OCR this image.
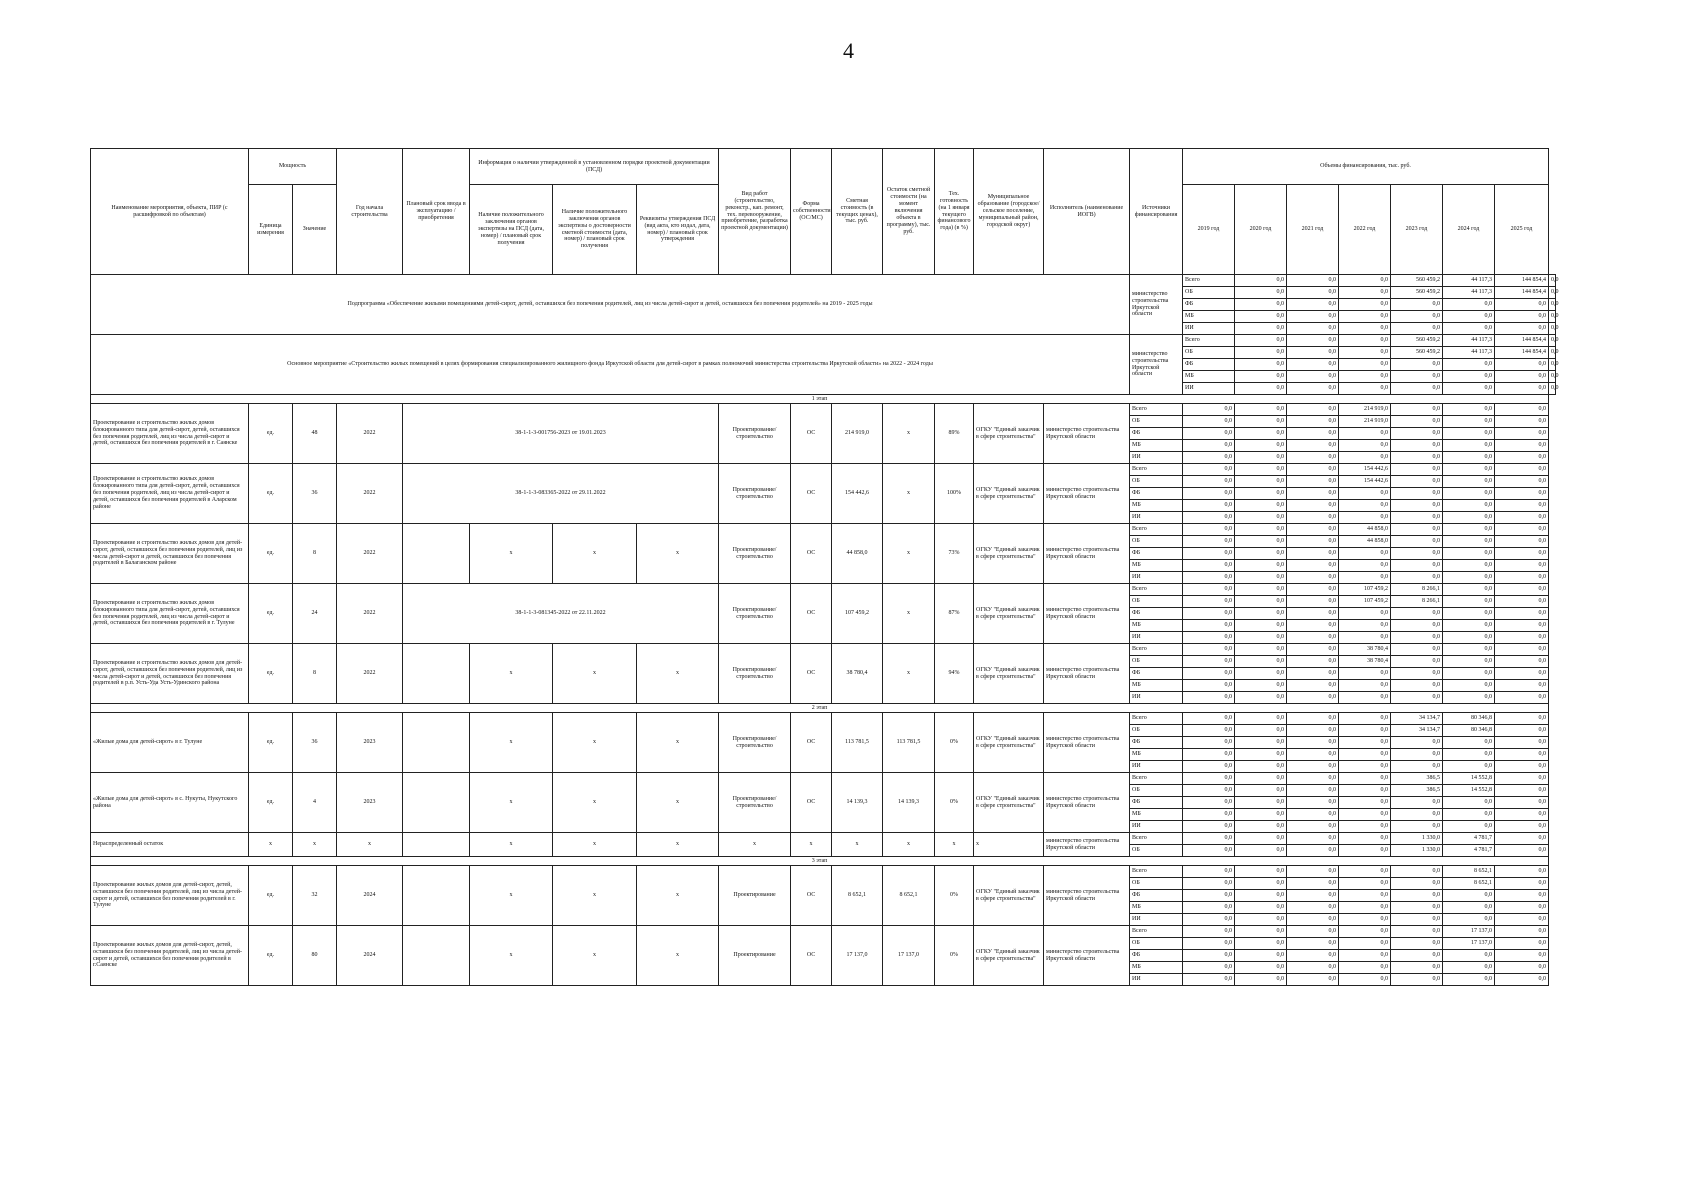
4
Наименование мероприятия, объекта, ПИР (с расшифровкой по объектам)	Мощность		Год начала строительства	Плановый срок ввода в эксплуатацию / приобретения	Информация о наличии утвержденной в установленном порядке проектной документации (ПСД)			Вид работ (строительство, реконстр., кап. ремонт, тех. перевооружение, приобретение, разработка проектной документации)	Форма собственности (ОС/МС)	Сметная стоимость (в текущих ценах), тыс. руб.	Остаток сметной стоимости (на момент включения объекта в программу), тыс. руб.	Тех. готовность (на 1 января текущего финансового года) (в %)	Муниципальное образование (городское/сельское поселение, муниципальный район, городской округ)	Исполнитель (наименование ИОГВ)	Источники финансирования	Объемы финансирования, тыс. руб.							
	Единица измерения	Значение			Наличие положительного заключения органов экспертизы на ПСД (дата, номер) / плановый срок получения	Наличие положительного заключения органов экспертизы о достоверности сметной стоимости (дата, номер) / плановый срок получения	Реквизиты утверждения ПСД (вид акта, кто издал, дата, номер) / плановый срок утверждения									2019 год	2020 год	2021 год	2022 год	2023 год	2024 год	2025 год	

Подпрограмма «Обеспечение жилыми помещениями детей-сирот, детей, оставшихся без попечения родителей, лиц из числа детей-сирот и детей, оставшихся без попечения родителей» на 2019 - 2025 годы															министерство строительства Иркутской области	Всего	0,0	0,0	0,0	560 459,2	44 117,3	144 854,4	0,0
																ОБ	0,0	0,0	0,0	560 459,2	44 117,3	144 854,4	0,0
																ФБ	0,0	0,0	0,0	0,0	0,0	0,0	0,0
																МБ	0,0	0,0	0,0	0,0	0,0	0,0	0,0
																ИИ	0,0	0,0	0,0	0,0	0,0	0,0	0,0
Основное мероприятие «Строительство жилых помещений в целях формирования специализированного жилищного фонда Иркутской области для детей-сирот в рамках полномочий министерства строительства Иркутской области» на 2022 - 2024 годы															министерство строительства Иркутской области	Всего	0,0	0,0	0,0	560 459,2	44 117,3	144 854,4	0,0
																ОБ	0,0	0,0	0,0	560 459,2	44 117,3	144 854,4	0,0
																ФБ	0,0	0,0	0,0	0,0	0,0	0,0	0,0
																МБ	0,0	0,0	0,0	0,0	0,0	0,0	0,0
																ИИ	0,0	0,0	0,0	0,0	0,0	0,0	0,0
1 этап																							
Проектирование и строительство жилых домов блокированного типа для детей-сирот, детей, оставшихся без попечения родителей, лиц из числа детей-сирот и детей, оставшихся без попечения родителей в г. Саянске	ед.	48	2022	38-1-1-3-001756-2023 от 19.01.2023				Проектирование/строительство	ОС	214 919,0	x	89%	ОГКУ "Единый заказчик в сфере строительства"	министерство строительства Иркутской области	Всего	0,0	0,0	0,0	214 919,0	0,0	0,0	0,0	
															ОБ	0,0	0,0	0,0	214 919,0	0,0	0,0	0,0	
															ФБ	0,0	0,0	0,0	0,0	0,0	0,0	0,0	
															МБ	0,0	0,0	0,0	0,0	0,0	0,0	0,0	
															ИИ	0,0	0,0	0,0	0,0	0,0	0,0	0,0	
Проектирование и строительство жилых домов блокированного типа для детей-сирот, детей, оставшихся без попечения родителей, лиц из числа детей-сирот и детей, оставшихся без попечения родителей в Аларском районе	ед.	36	2022	38-1-1-3-083365-2022 от 29.11.2022				Проектирование/строительство	ОС	154 442,6	x	100%	ОГКУ "Единый заказчик в сфере строительства"	министерство строительства Иркутской области	Всего	0,0	0,0	0,0	154 442,6	0,0	0,0	0,0	
															ОБ	0,0	0,0	0,0	154 442,6	0,0	0,0	0,0	
															ФБ	0,0	0,0	0,0	0,0	0,0	0,0	0,0	
															МБ	0,0	0,0	0,0	0,0	0,0	0,0	0,0	
															ИИ	0,0	0,0	0,0	0,0	0,0	0,0	0,0	
Проектирование и строительство жилых домов для детей-сирот, детей, оставшихся без попечения родителей, лиц из числа детей-сирот и детей, оставшихся без попечения родителей в Балаганском районе	ед.	8	2022		x	x	x	Проектирование/строительство	ОС	44 858,0	x	73%	ОГКУ "Единый заказчик в сфере строительства"	министерство строительства Иркутской области	Всего	0,0	0,0	0,0	44 858,0	0,0	0,0	0,0	
															ОБ	0,0	0,0	0,0	44 858,0	0,0	0,0	0,0	
															ФБ	0,0	0,0	0,0	0,0	0,0	0,0	0,0	
															МБ	0,0	0,0	0,0	0,0	0,0	0,0	0,0	
															ИИ	0,0	0,0	0,0	0,0	0,0	0,0	0,0	
Проектирование и строительство жилых домов блокированного типа для детей-сирот, детей, оставшихся без попечения родителей, лиц из числа детей-сирот и детей, оставшихся без попечения родителей в г. Тулуне	ед.	24	2022	38-1-1-3-081345-2022 от 22.11.2022				Проектирование/строительство	ОС	107 459,2	x	87%	ОГКУ "Единый заказчик в сфере строительства"	министерство строительства Иркутской области	Всего	0,0	0,0	0,0	107 459,2	8 266,1	0,0	0,0	
															ОБ	0,0	0,0	0,0	107 459,2	8 266,1	0,0	0,0	
															ФБ	0,0	0,0	0,0	0,0	0,0	0,0	0,0	
															МБ	0,0	0,0	0,0	0,0	0,0	0,0	0,0	
															ИИ	0,0	0,0	0,0	0,0	0,0	0,0	0,0	
Проектирование и строительство жилых домов для детей-сирот, детей, оставшихся без попечения родителей, лиц из числа детей-сирот и детей, оставшихся без попечения родителей в р.п. Усть-Уда Усть-Удинского района	ед.	8	2022		x	x	x	Проектирование/строительство	ОС	38 780,4	x	94%	ОГКУ "Единый заказчик в сфере строительства"	министерство строительства Иркутской области	Всего	0,0	0,0	0,0	38 780,4	0,0	0,0	0,0	
															ОБ	0,0	0,0	0,0	38 780,4	0,0	0,0	0,0	
															ФБ	0,0	0,0	0,0	0,0	0,0	0,0	0,0	
															МБ	0,0	0,0	0,0	0,0	0,0	0,0	0,0	
															ИИ	0,0	0,0	0,0	0,0	0,0	0,0	0,0	
2 этап																							
«Жилые дома для детей-сирот» в г. Тулуне	ед.	36	2023		x	x	x	Проектирование/строительство	ОС	113 781,5	113 781,5	0%	ОГКУ "Единый заказчик в сфере строительства"	министерство строительства Иркутской области	Всего	0,0	0,0	0,0	0,0	34 134,7	80 346,8	0,0	
															ОБ	0,0	0,0	0,0	0,0	34 134,7	80 346,8	0,0	
															ФБ	0,0	0,0	0,0	0,0	0,0	0,0	0,0	
															МБ	0,0	0,0	0,0	0,0	0,0	0,0	0,0	
															ИИ	0,0	0,0	0,0	0,0	0,0	0,0	0,0	
«Жилые дома для детей-сирот» в с. Нукуты, Нукутского района	ед.	4	2023		x	x	x	Проектирование/строительство	ОС	14 139,3	14 139,3	0%	ОГКУ "Единый заказчик в сфере строительства"	министерство строительства Иркутской области	Всего	0,0	0,0	0,0	0,0	386,5	14 552,8	0,0	
															ОБ	0,0	0,0	0,0	0,0	386,5	14 552,8	0,0	
															ФБ	0,0	0,0	0,0	0,0	0,0	0,0	0,0	
															МБ	0,0	0,0	0,0	0,0	0,0	0,0	0,0	
															ИИ	0,0	0,0	0,0	0,0	0,0	0,0	0,0	
Нераспределенный остаток	x	x	x		x	x	x	x	x	x	x	x	x	министерство строительства Иркутской области	Всего	0,0	0,0	0,0	0,0	1 330,0	4 781,7	0,0	
															ОБ	0,0	0,0	0,0	0,0	1 330,0	4 781,7	0,0	
3 этап																							
Проектирование жилых домов для детей-сирот, детей, оставшихся без попечения родителей, лиц из числа детей-сирот и детей, оставшихся без попечения родителей в г. Тулуне	ед.	32	2024		x	x	x	Проектирование	ОС	8 652,1	8 652,1	0%	ОГКУ "Единый заказчик в сфере строительства"	министерство строительства Иркутской области	Всего	0,0	0,0	0,0	0,0	0,0	8 652,1	0,0	
															ОБ	0,0	0,0	0,0	0,0	0,0	8 652,1	0,0	
															ФБ	0,0	0,0	0,0	0,0	0,0	0,0	0,0	
															МБ	0,0	0,0	0,0	0,0	0,0	0,0	0,0	
															ИИ	0,0	0,0	0,0	0,0	0,0	0,0	0,0	
Проектирование жилых домов для детей-сирот, детей, оставшихся без попечения родителей, лиц из числа детей-сирот и детей, оставшихся без попечения родителей в г.Саянске	ед.	80	2024		x	x	x	Проектирование	ОС	17 137,0	17 137,0	0%	ОГКУ "Единый заказчик в сфере строительства"	министерство строительства Иркутской области	Всего	0,0	0,0	0,0	0,0	0,0	17 137,0	0,0	
															ОБ	0,0	0,0	0,0	0,0	0,0	17 137,0	0,0	
															ФБ	0,0	0,0	0,0	0,0	0,0	0,0	0,0	
															МБ	0,0	0,0	0,0	0,0	0,0	0,0	0,0	
															ИИ	0,0	0,0	0,0	0,0	0,0	0,0	0,0	
